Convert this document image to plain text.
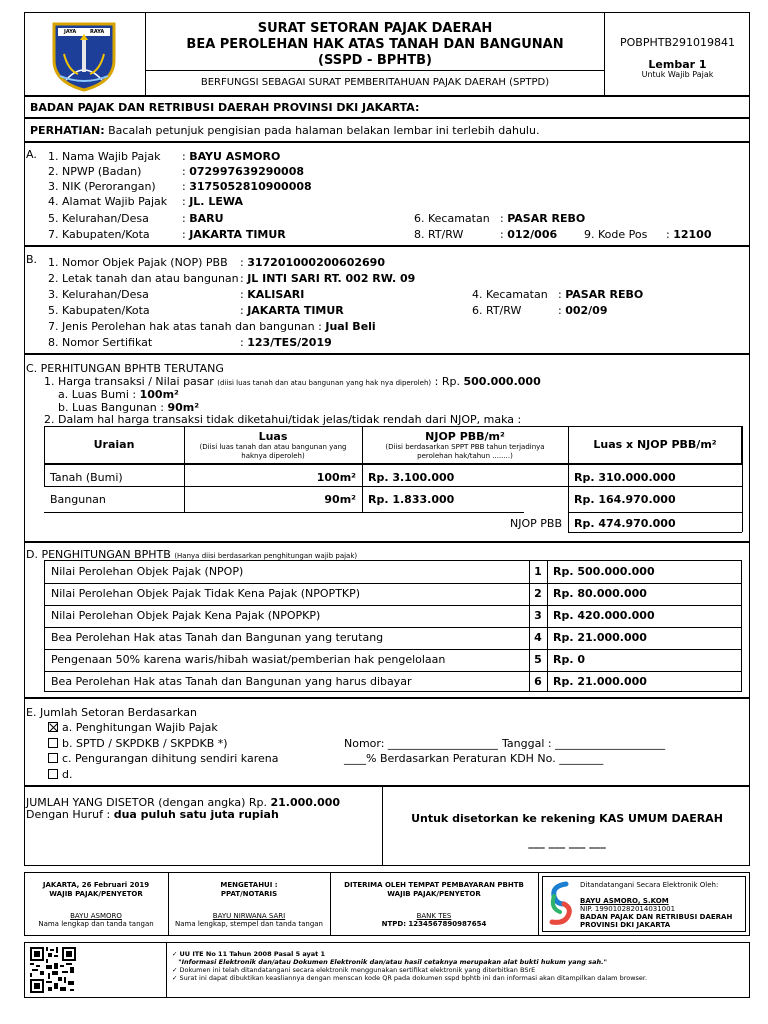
JAYA	RAYA	SURAT SETORAN PAJAK DAERAH
BEA PEROLEHAN HAK ATAS TANAH DAN BANGUNAN
(SSPD - BPHTB)
BERFUNGSI SEBAGAI SURAT PEMBERITAHUAN PAJAK DAERAH (SPTPD)
POBPHTB291019841
Lembar 1
Untuk Wajib Pajak
BADAN PAJAK DAN RETRIBUSI DAERAH PROVINSI DKI JAKARTA:
PERHATIAN: Bacalah petunjuk pengisian pada halaman belakan lembar ini terlebih dahulu.
A. 1. Nama Wajib Pajak : BAYU ASMORO
2. NPWP (Badan)	: 072997639290008
3. NIK (Perorangan) : 3175052810900008
4. Alamat Wajib Pajak : JL. LEWA
5. Kelurahan/Desa	: BARU	6. Kecamatan : PASAR REBO
7. Kabupaten/Kota	: JAKARTA TIMUR	8. RT/RW	: 012/006 9. Kode Pos : 12100
B. 1. Nomor Objek Pajak (NOP) PBB : 317201000200602690
2. Letak tanah dan atau bangunan : JL INTI SARI RT. 002 RW. 09
3. Kelurahan/Desa	: KALISARI	4. Kecamatan : PASAR REBO
5. Kabupaten/Kota	: JAKARTA TIMUR	6. RT/RW	: 002/09
7. Jenis Perolehan hak atas tanah dan bangunan : Jual Beli
8. Nomor Sertifikat	: 123/TES/2019
C. PERHITUNGAN BPHTB TERUTANG
1. Harga transaksi / Nilai pasar (diisi luas tanah dan atau bangunan yang hak nya diperoleh) : Rp. 500.000.000
a. Luas Bumi : 100m²
b. Luas Bangunan : 90m²
2. Dalam hal harga transaksi tidak diketahui/tidak jelas/tidak rendah dari NJOP, maka :
Uraian
Luas
(Diisi luas tanah dan atau bangunan yang haknya diperoleh)
NJOP PBB/m²
(Diisi berdasarkan SPPT PBB tahun terjadinya perolehan hak/tahun ........)
Luas x NJOP PBB/m²
Tanah (Bumi)	100m² Rp. 3.100.000	Rp. 310.000.000
Bangunan	90m² Rp. 1.833.000	Rp. 164.970.000
NJOP PBB Rp. 474.970.000
D. PENGHITUNGAN BPHTB (Hanya diisi berdasarkan penghitungan wajib pajak)
Nilai Perolehan Objek Pajak (NPOP)	1	Rp. 500.000.000
Nilai Perolehan Objek Pajak Tidak Kena Pajak (NPOPTKP)	2	Rp. 80.000.000
Nilai Perolehan Objek Pajak Kena Pajak (NPOPKP)	3	Rp. 420.000.000
Bea Perolehan Hak atas Tanah dan Bangunan yang terutang	4	Rp. 21.000.000
Pengenaan 50% karena waris/hibah wasiat/pemberian hak pengelolaan	5	Rp. 0
Bea Perolehan Hak atas Tanah dan Bangunan yang harus dibayar	6	Rp. 21.000.000
E. Jumlah Setoran Berdasarkan
a. Penghitungan Wajib Pajak
b. SPTD / SKPDKB / SKPDKB *)
c. Pengurangan dihitung sendiri karena
d.
Nomor: ____________________ Tanggal : ____________________
____% Berdasarkan Peraturan KDH No. ________
JUMLAH YANG DISETOR (dengan angka) Rp. 21.000.000
Dengan Huruf : dua puluh satu juta rupiah	Untuk disetorkan ke rekening KAS UMUM DAERAH
___ ___ ___ ___
JAKARTA, 26 Februari 2019
WAJIB PAJAK/PENYETOR
BAYU ASMORO
Nama lengkap dan tanda tangan
MENGETAHUI :
PPAT/NOTARIS
BAYU NIRWANA SARI
Nama lengkap, stempel dan tanda tangan
DITERIMA OLEH TEMPAT PEMBAYARAN PBHTB
WAJIB PAJAK/PENYETOR
BANK TES
NTPD: 1234567890987654
Ditandatangani Secara Elektronik Oleh:
BAYU ASMORO, S.KOM
NIP. 199010282014031001
BADAN PAJAK DAN RETRIBUSI DAERAH
PROVINSI DKI JAKARTA
✓ UU ITE No 11 Tahun 2008 Pasal 5 ayat 1
"Informasi Elektronik dan/atau Dokumen Elektronik dan/atau hasil cetaknya merupakan alat bukti hukum yang sah."
✓ Dokumen ini telah ditandatangani secara elektronik menggunakan sertifikat elektronik yang diterbitkan BSrE
✓ Surat ini dapat dibuktikan keasliannya dengan menscan kode QR pada dokumen sspd bphtb ini dan informasi akan ditampilkan dalam browser.
